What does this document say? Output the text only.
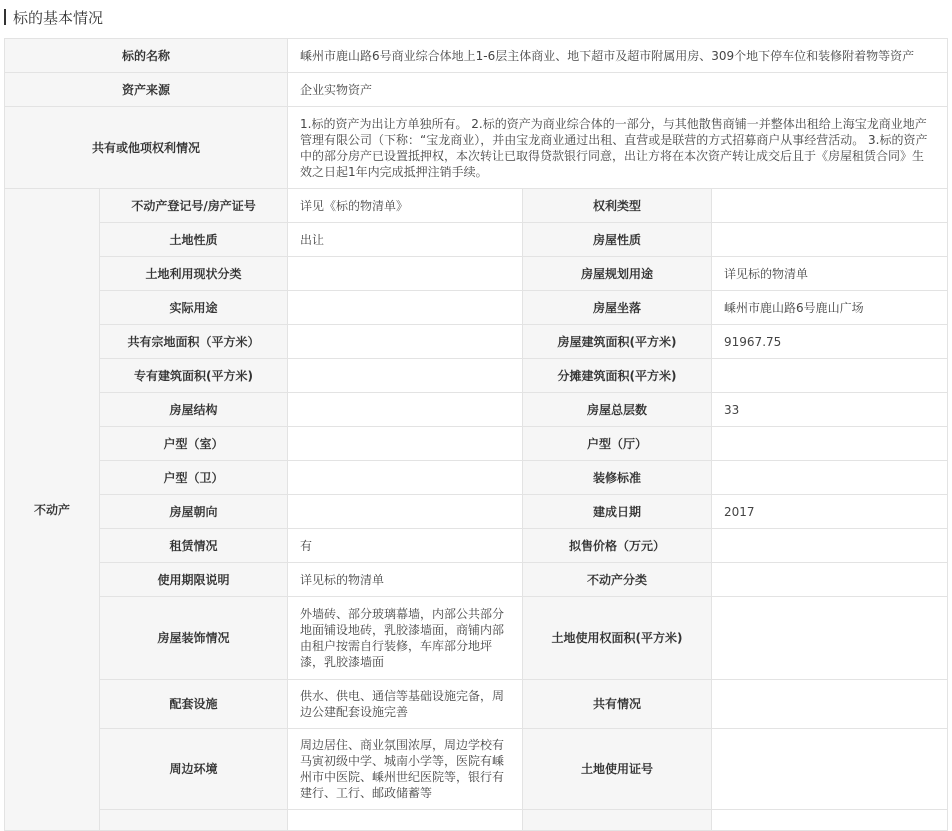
标的基本情况
标的名称		嵊州市鹿山路6号商业综合体地上1-6层主体商业、地下超市及超市附属用房、309个地下停车位和装修附着物等资产		
资产来源		企业实物资产		
共有或他项权利情况		1.标的资产为出让方单独所有。 2.标的资产为商业综合体的一部分，与其他散售商铺一并整体出租给上海宝龙商业地产管理有限公司（下称：“宝龙商业），并由宝龙商业通过出租、直营或是联营的方式招募商户从事经营活动。 3.标的资产中的部分房产已设置抵押权，本次转让已取得贷款银行同意，出让方将在本次资产转让成交后且于《房屋租赁合同》生效之日起1年内完成抵押注销手续。		
不动产	不动产登记号/房产证号	详见《标的物清单》	权利类型	
	土地性质	出让	房屋性质	
	土地利用现状分类		房屋规划用途	详见标的物清单
	实际用途		房屋坐落	嵊州市鹿山路6号鹿山广场
	共有宗地面积（平方米）		房屋建筑面积(平方米)	91967.75
	专有建筑面积(平方米)		分摊建筑面积(平方米)	
	房屋结构		房屋总层数	33
	户型（室）		户型（厅）	
	户型（卫）		装修标准	
	房屋朝向		建成日期	2017
	租赁情况	有	拟售价格（万元）	
	使用期限说明	详见标的物清单	不动产分类	
	房屋装饰情况	外墙砖、部分玻璃幕墙，内部公共部分地面铺设地砖，乳胶漆墙面，商铺内部由租户按需自行装修，车库部分地坪漆，乳胶漆墙面	土地使用权面积(平方米)	
	配套设施	供水、供电、通信等基础设施完备，周边公建配套设施完善	共有情况	
	周边环境	周边居住、商业氛围浓厚，周边学校有马寅初级中学、城南小学等，医院有嵊州市中医院、嵊州世纪医院等，银行有建行、工行、邮政储蓄等	土地使用证号	
